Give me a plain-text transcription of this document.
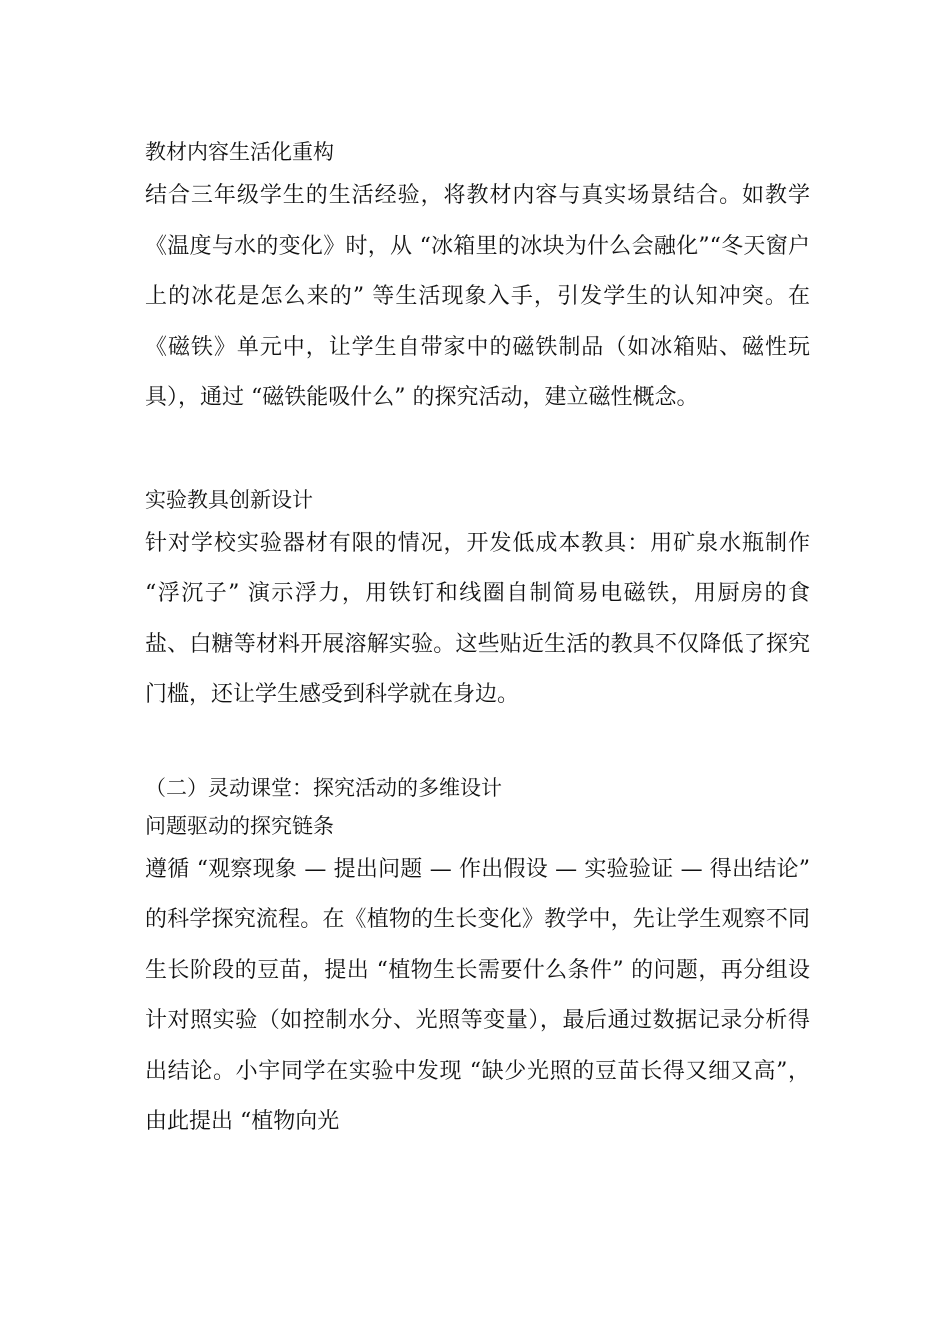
教材内容生活化重构

结合三年级学生的生活经验，将教材内容与真实场景结合。如教学《温度与水的变化》时，从 “冰箱里的冰块为什么会融化”“冬天窗户上的冰花是怎么来的” 等生活现象入手，引发学生的认知冲突。在《磁铁》单元中，让学生自带家中的磁铁制品（如冰箱贴、磁性玩具），通过 “磁铁能吸什么” 的探究活动，建立磁性概念。

实验教具创新设计

针对学校实验器材有限的情况，开发低成本教具：用矿泉水瓶制作 “浮沉子” 演示浮力，用铁钉和线圈自制简易电磁铁，用厨房的食盐、白糖等材料开展溶解实验。这些贴近生活的教具不仅降低了探究门槛，还让学生感受到科学就在身边。

（二）灵动课堂：探究活动的多维设计
问题驱动的探究链条

遵循 “观察现象 — 提出问题 — 作出假设 — 实验验证 — 得出结论” 的科学探究流程。在《植物的生长变化》教学中，先让学生观察不同生长阶段的豆苗，提出 “植物生长需要什么条件” 的问题，再分组设计对照实验（如控制水分、光照等变量），最后通过数据记录分析得出结论。小宇同学在实验中发现 “缺少光照的豆苗长得又细又高”，由此提出 “植物向光
